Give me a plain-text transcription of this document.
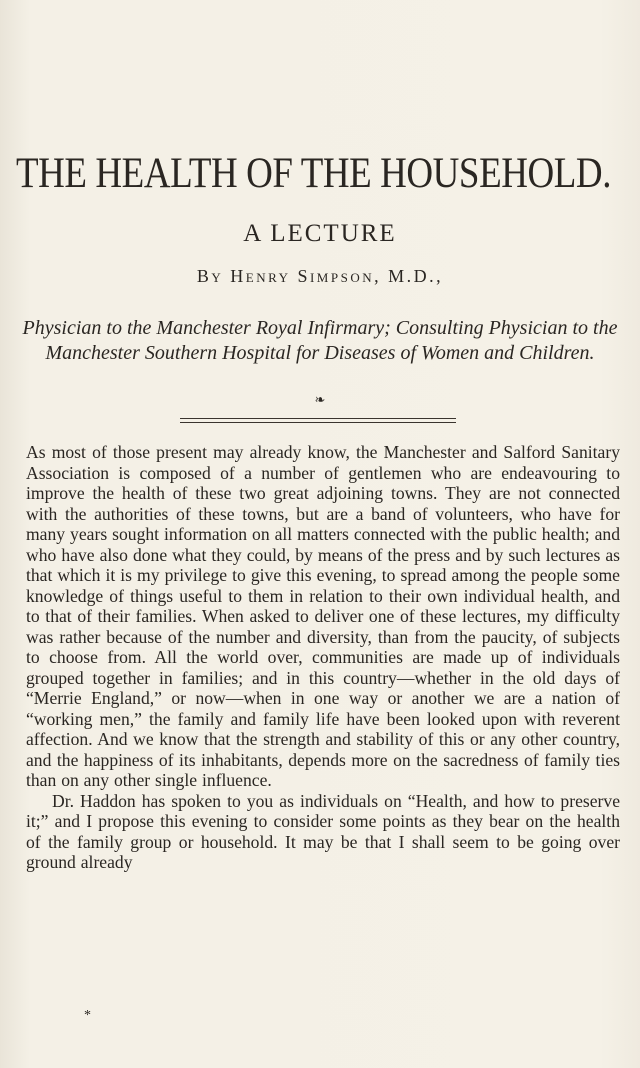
THE HEALTH OF THE HOUSEHOLD.
A LECTURE
By Henry Simpson, M.D.,
Physician to the Manchester Royal Infirmary; Consulting Physician to the Manchester Southern Hospital for Diseases of Women and Children.
❧

As most of those present may already know, the Manchester and Salford Sanitary Association is composed of a number of gentlemen who are endeavouring to improve the health of these two great adjoining towns. They are not connected with the authorities of these towns, but are a band of volunteers, who have for many years sought information on all matters connected with the public health; and who have also done what they could, by means of the press and by such lectures as that which it is my privilege to give this evening, to spread among the people some knowledge of things useful to them in relation to their own individual health, and to that of their families. When asked to deliver one of these lectures, my difficulty was rather because of the number and diversity, than from the paucity, of subjects to choose from. All the world over, communities are made up of individuals grouped together in families; and in this country—whether in the old days of “Merrie England,” or now—when in one way or another we are a nation of “working men,” the family and family life have been looked upon with reverent affection. And we know that the strength and stability of this or any other country, and the happiness of its inhabitants, depends more on the sacredness of family ties than on any other single influence.

Dr. Haddon has spoken to you as individuals on “Health, and how to preserve it;” and I propose this evening to consider some points as they bear on the health of the family group or household. It may be that I shall seem to be going over ground already

*
